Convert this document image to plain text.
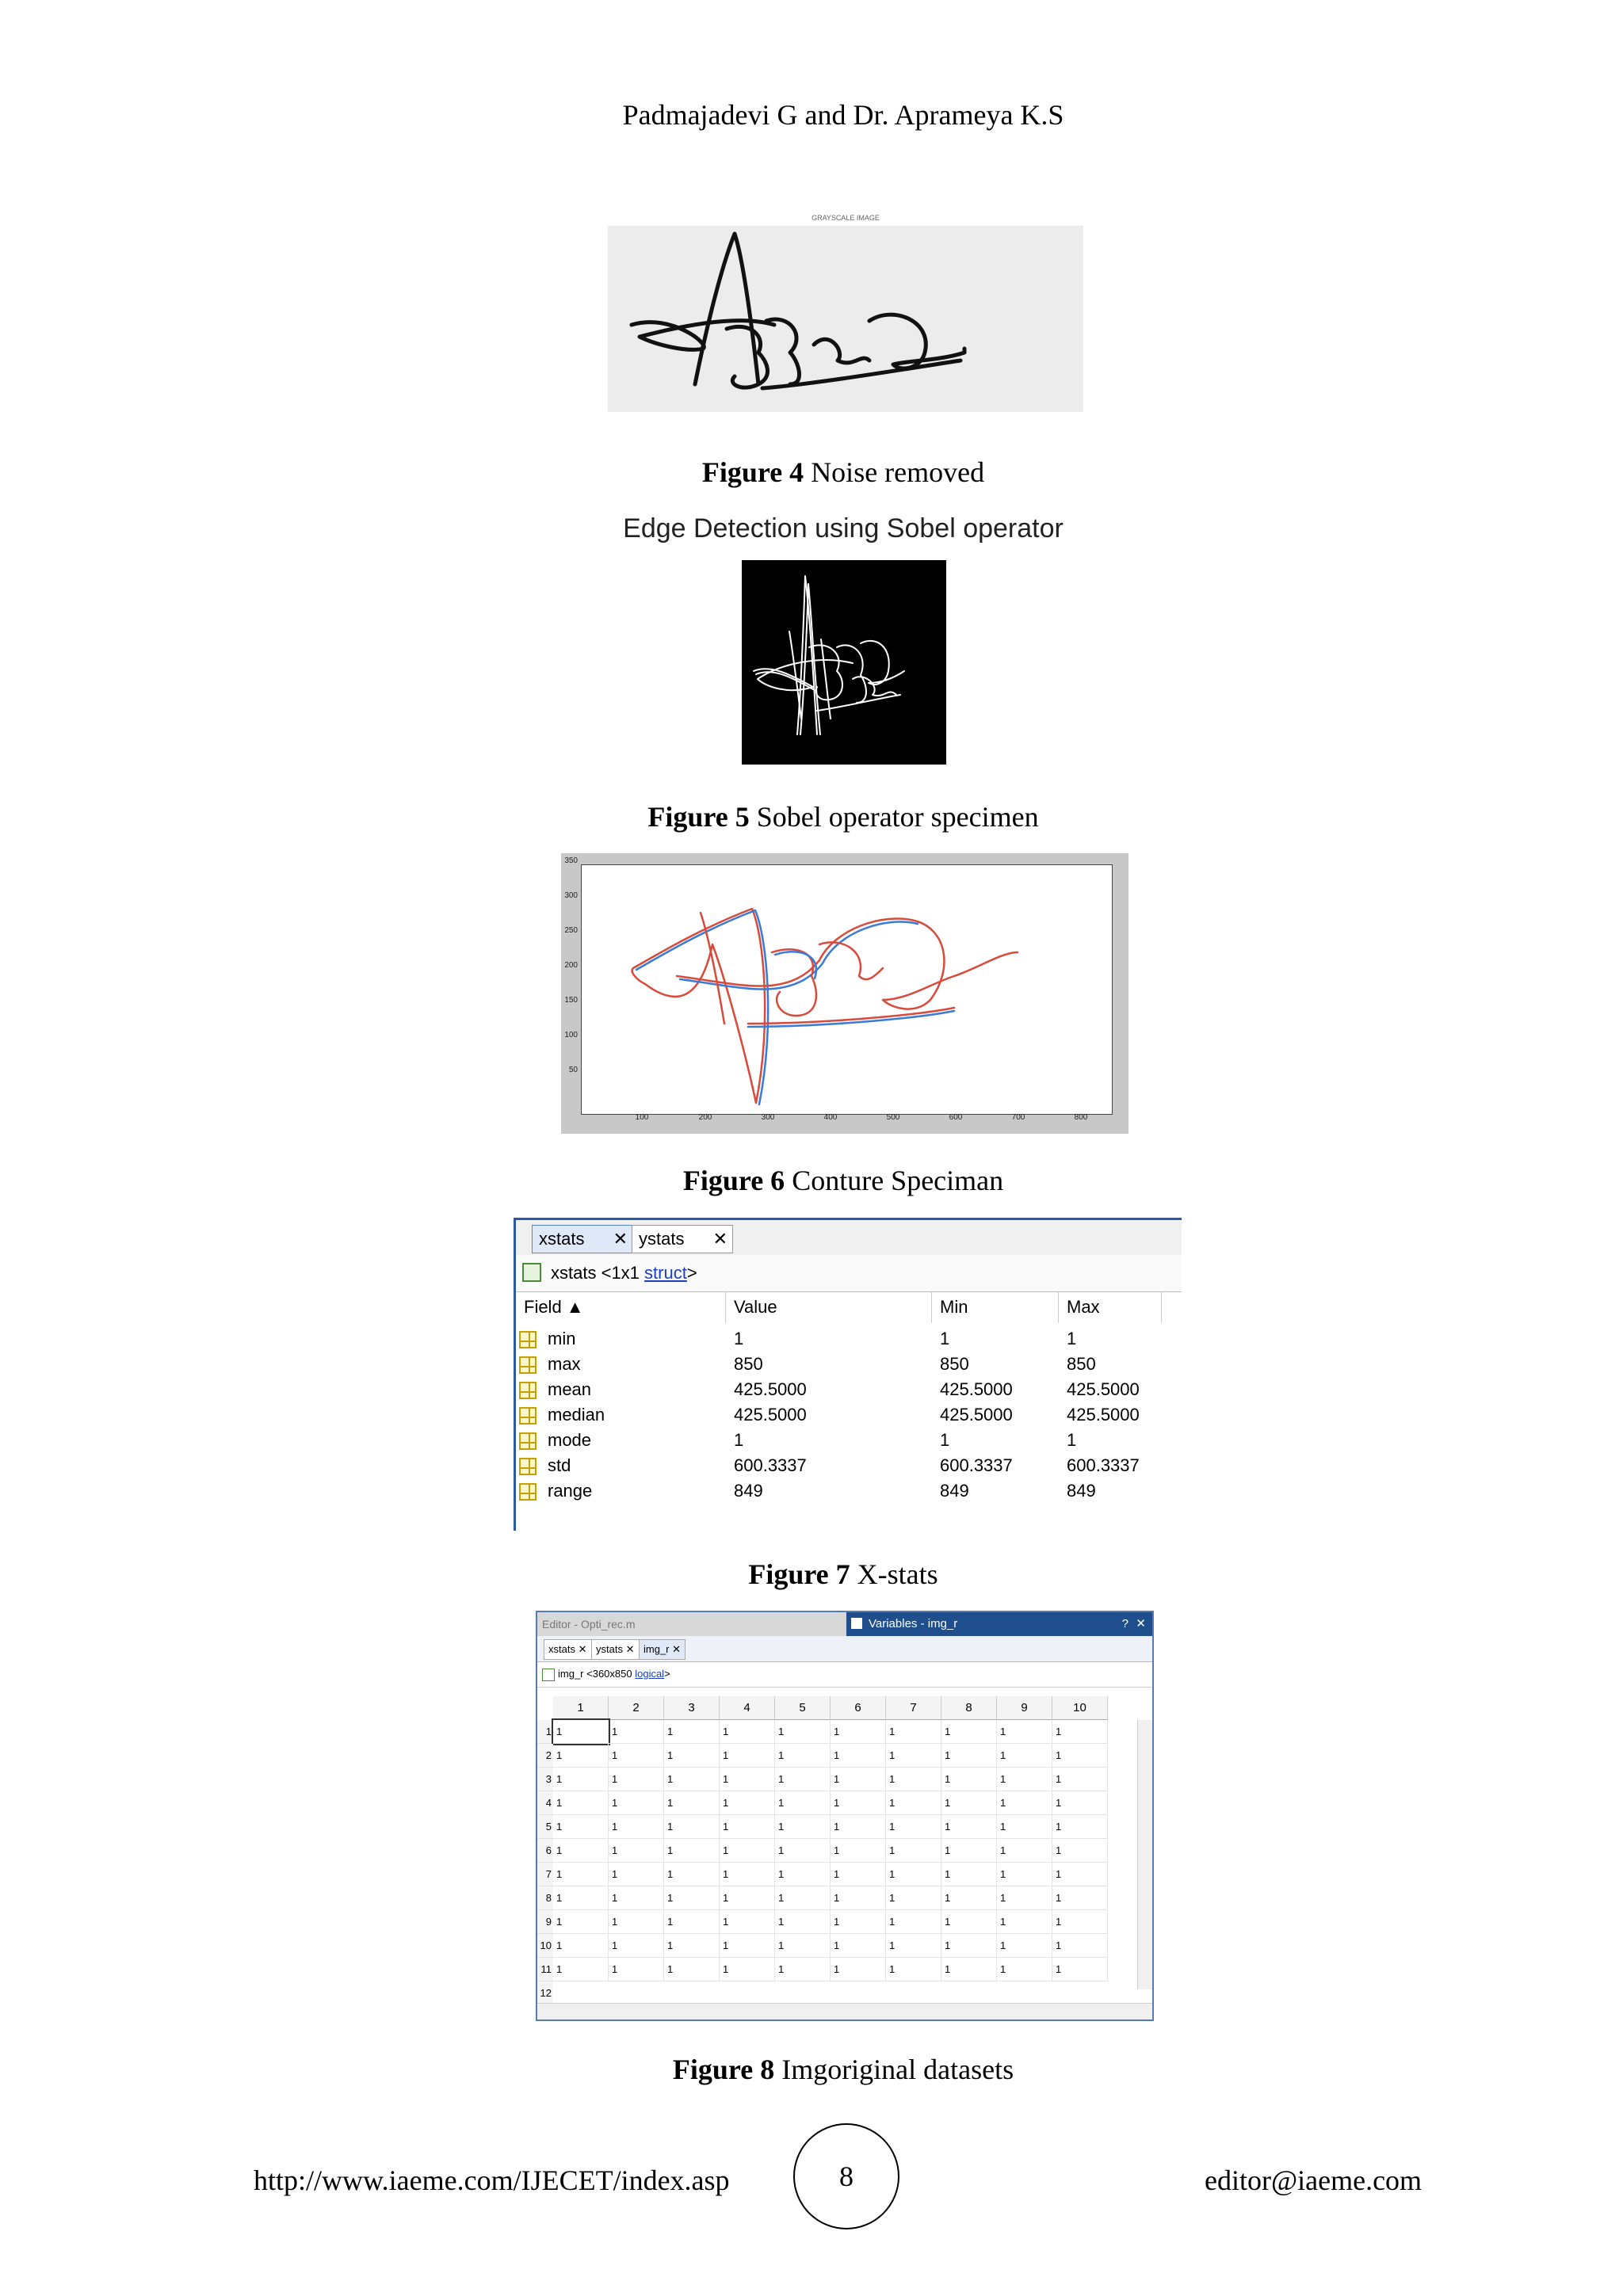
Padmajadevi G and Dr. Aprameya K.S
GRAYSCALE IMAGE
Figure 4 Noise removed
Edge Detection using Sobel operator
Figure 5 Sobel operator specimen
350
300
250
200
150
100
50
100	200	300	400	500	600	700	800
Figure 6 Conture Speciman
xstats ✕ ystats ✕
xstats <1x1 struct>
Field ▲	Value	Min	Max
min	1	1	1
max	850	850	850
mean	425.5000	425.5000	425.5000
median	425.5000	425.5000	425.5000
mode	1	1	1
std	600.3337	600.3337	600.3337
range	849	849	849
Figure 7 X-stats
Editor - Opti_rec.m	Variables - img_r	? ✕
xstats ✕ ystats ✕ img_r ✕
img_r <360x850 logical>
1	2	3	4	5	6	7	8	9	10
1 1	1	1	1	1	1	1	1	1	1
2 1	1	1	1	1	1	1	1	1	1
3 1	1	1	1	1	1	1	1	1	1
4 1	1	1	1	1	1	1	1	1	1
5 1	1	1	1	1	1	1	1	1	1
6 1	1	1	1	1	1	1	1	1	1
7 1	1	1	1	1	1	1	1	1	1
8 1	1	1	1	1	1	1	1	1	1
9 1	1	1	1	1	1	1	1	1	1
10 1	1	1	1	1	1	1	1	1	1
11 1	1	1	1	1	1	1	1	1	1
12
Figure 8 Imgoriginal datasets
http://www.iaeme.com/IJECET/index.asp	8	editor@iaeme.com
